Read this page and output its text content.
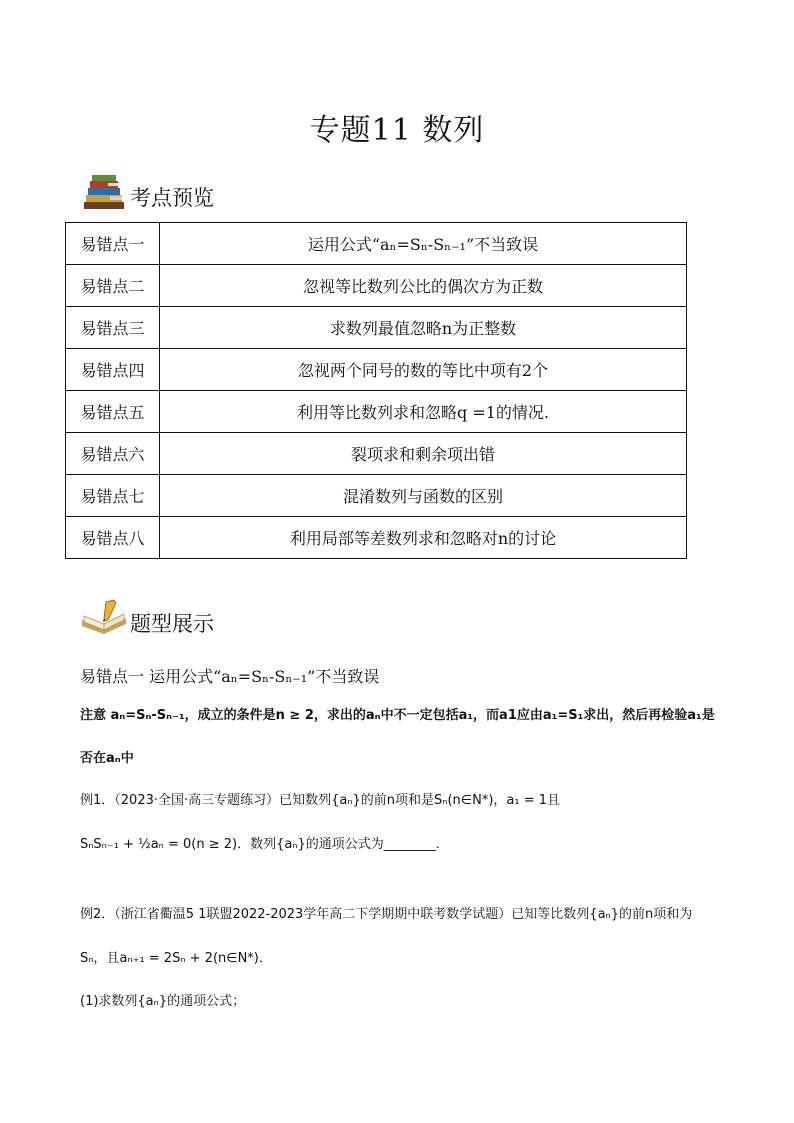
专题11 数列
考点预览
易错点一	运用公式“aₙ=Sₙ-Sₙ₋₁”不当致误
易错点二	忽视等比数列公比的偶次方为正数
易错点三	求数列最值忽略n为正整数
易错点四	忽视两个同号的数的等比中项有2个
易错点五	利用等比数列求和忽略q =1的情况.
易错点六	裂项求和剩余项出错
易错点七	混淆数列与函数的区别
易错点八	利用局部等差数列求和忽略对n的讨论
题型展示
易错点一 运用公式“aₙ=Sₙ-Sₙ₋₁”不当致误
注意 aₙ=Sₙ-Sₙ₋₁，成立的条件是n ≥ 2，求出的aₙ中不一定包括a₁，而a1应由a₁=S₁求出，然后再检验a₁是
否在aₙ中
例1．（2023·全国·高三专题练习）已知数列{aₙ}的前n项和是Sₙ(n∈N*)，a₁ = 1且
SₙSₙ₋₁ + ½aₙ = 0(n ≥ 2)．数列{aₙ}的通项公式为________．
例2．（浙江省衢温5 1联盟2022-2023学年高二下学期期中联考数学试题）已知等比数列{aₙ}的前n项和为
Sₙ，且aₙ₊₁ = 2Sₙ + 2(n∈N*)．
(1)求数列{aₙ}的通项公式；
